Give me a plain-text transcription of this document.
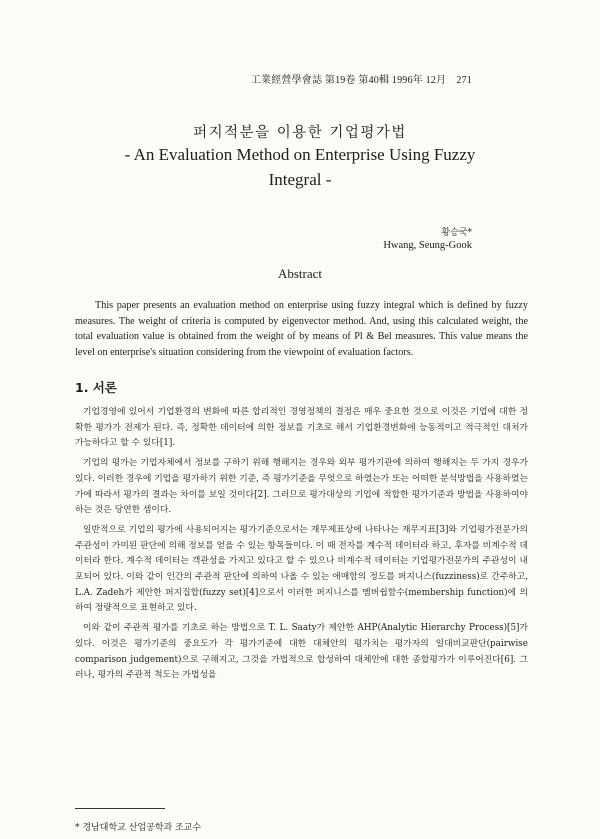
工業經營學會誌 第19卷 第40輯 1996年 12月　271
퍼지적분을 이용한 기업평가법
- An Evaluation Method on Enterprise Using Fuzzy
Integral -
황승국*
Hwang, Seung-Gook
Abstract

This paper presents an evaluation method on enterprise using fuzzy integral which is defined by fuzzy measures. The weight of criteria is computed by eigenvector method. And, using this calculated weight, the total evaluation value is obtained from the weight of by means of Pl & Bel measures. This value means the level on enterprise's situation considering from the viewpoint of evaluation factors.

1. 서론

기업경영에 있어서 기업환경의 변화에 따른 합리적인 경영정책의 결정은 매우 중요한 것으로 이것은 기업에 대한 정확한 평가가 전제가 된다. 즉, 정확한 데이터에 의한 정보를 기초로 해서 기업환경변화에 능동적이고 적극적인 대처가 가능하다고 할 수 있다[1].

기업의 평가는 기업자체에서 정보를 구하기 위해 행해지는 경우와 외부 평가기관에 의하여 행해지는 두 가지 경우가 있다. 이러한 경우에 기업을 평가하기 위한 기준, 즉 평가기준을 무엇으로 하였는가 또는 어떠한 분석방법을 사용하였는가에 따라서 평가의 결과는 차이를 보일 것이다[2]. 그러므로 평가대상의 기업에 적합한 평가기준과 방법을 사용하여야 하는 것은 당연한 셈이다.

일반적으로 기업의 평가에 사용되어지는 평가기준으로서는 재무제표상에 나타나는 재무지표[3]와 기업평가전문가의 주관성이 가미된 판단에 의해 정보를 얻을 수 있는 항목들이다. 이 때 전자를 계수적 데이터라 하고, 후자를 비계수적 데이터라 한다. 계수적 데이터는 객관성을 가지고 있다고 할 수 있으나 비계수적 데이터는 기업평가전문가의 주관성이 내포되어 있다. 이와 같이 인간의 주관적 판단에 의하여 나올 수 있는 애매함의 정도를 퍼지니스(fuzziness)로 간주하고, L.A. Zadeh가 제안한 퍼지집합(fuzzy set)[4]으로서 이러한 퍼지니스를 멤버쉽함수(membership function)에 의하여 정량적으로 표현하고 있다.

이와 같이 주관적 평가를 기초로 하는 방법으로 T. L. Saaty가 제안한 AHP(Analytic Hierarchy Process)[5]가 있다. 이것은 평가기준의 중요도가 각 평가기준에 대한 대체안의 평가치는 평가자의 일대비교판단(pairwise comparison judgement)으로 구해지고, 그것을 가법적으로 합성하여 대체안에 대한 종합평가가 이루어진다[6]. 그러나, 평가의 주관적 척도는 가법성을

* 경남대학교 산업공학과 조교수
